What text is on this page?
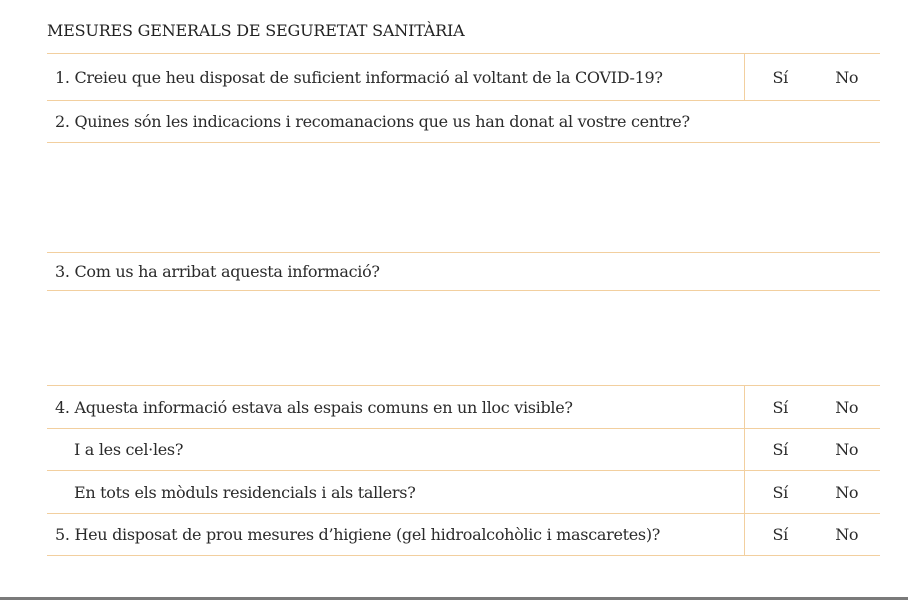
MESURES GENERALS DE SEGURETAT SANITÀRIA
1. Creieu que heu disposat de suficient informació al voltant de la COVID-19?	Sí	No
2. Quines són les indicacions i recomanacions que us han donat al vostre centre?
3. Com us ha arribat aquesta informació?
4. Aquesta informació estava als espais comuns en un lloc visible?	Sí	No
I a les cel·les?	Sí	No
En tots els mòduls residencials i als tallers?	Sí	No
5. Heu disposat de prou mesures d’higiene (gel hidroalcohòlic i mascaretes)?	Sí	No
